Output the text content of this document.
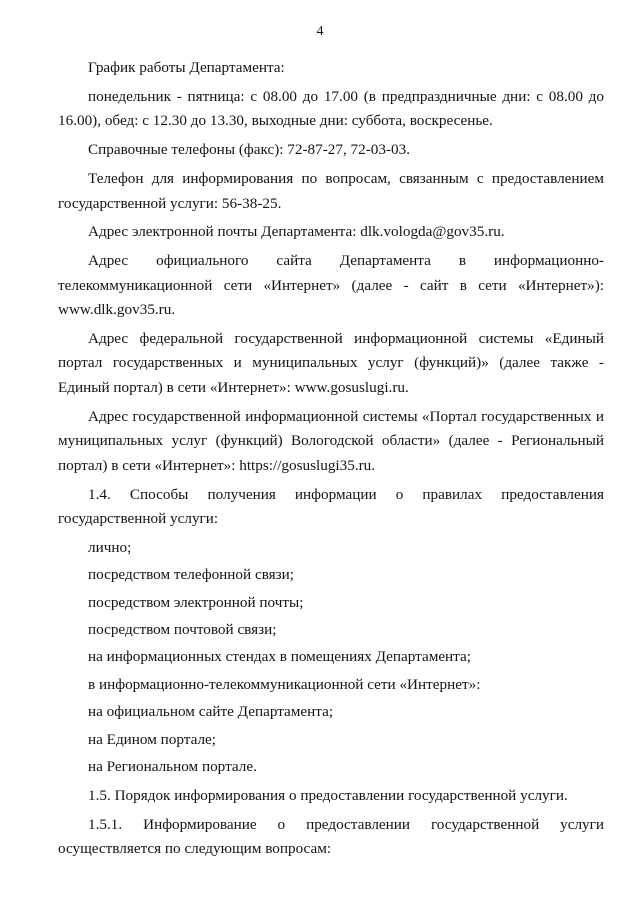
4

График работы Департамента:

понедельник - пятница: с 08.00 до 17.00 (в предпраздничные дни: с 08.00 до 16.00), обед: с 12.30 до 13.30, выходные дни: суббота, воскресенье.

Справочные телефоны (факс): 72-87-27, 72-03-03.

Телефон для информирования по вопросам, связанным с предоставлением государственной услуги: 56-38-25.

Адрес электронной почты Департамента: dlk.vologda@gov35.ru.

Адрес официального сайта Департамента в информационно-телекоммуникационной сети «Интернет» (далее - сайт в сети «Интернет»): www.dlk.gov35.ru.

Адрес федеральной государственной информационной системы «Единый портал государственных и муниципальных услуг (функций)» (далее также - Единый портал) в сети «Интернет»: www.gosuslugi.ru.

Адрес государственной информационной системы «Портал государственных и муниципальных услуг (функций) Вологодской области» (далее - Региональный портал) в сети «Интернет»: https://gosuslugi35.ru.

1.4. Способы получения информации о правилах предоставления государственной услуги:

лично;

посредством телефонной связи;

посредством электронной почты;

посредством почтовой связи;

на информационных стендах в помещениях Департамента;

в информационно-телекоммуникационной сети «Интернет»:

на официальном сайте Департамента;

на Едином портале;

на Региональном портале.

1.5. Порядок информирования о предоставлении государственной услуги.

1.5.1. Информирование о предоставлении государственной услуги осуществляется по следующим вопросам:
